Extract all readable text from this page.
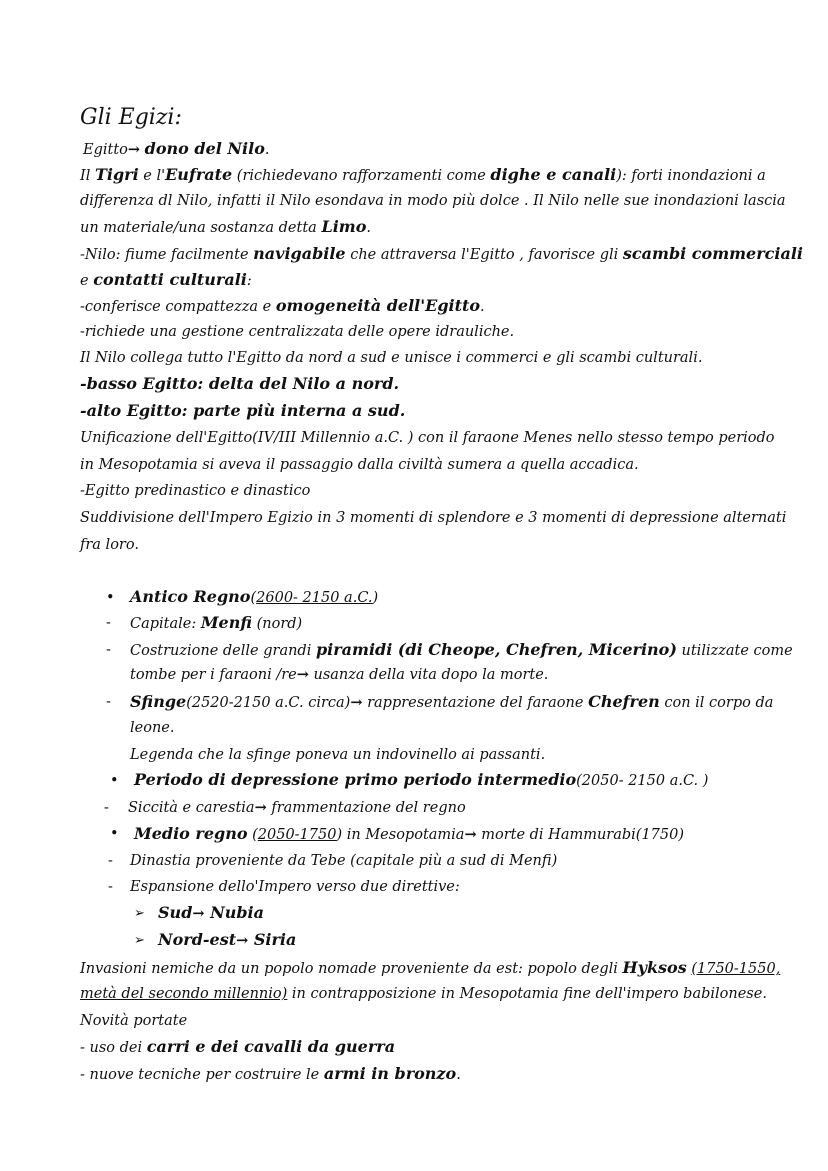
Gli Egizi:
Egitto→ dono del Nilo.
Il Tigri e l'Eufrate (richiedevano rafforzamenti come dighe e canali): forti inondazioni a
differenza dl Nilo, infatti il Nilo esondava in modo più dolce . Il Nilo nelle sue inondazioni lascia
un materiale/una sostanza detta Limo.
-Nilo: fiume facilmente navigabile che attraversa l'Egitto , favorisce gli scambi commerciali
e contatti culturali:
-conferisce compattezza e omogeneità dell'Egitto.
-richiede una gestione centralizzata delle opere idrauliche.
Il Nilo collega tutto l'Egitto da nord a sud e unisce i commerci e gli scambi culturali.
-basso Egitto: delta del Nilo a nord.
-alto Egitto: parte più interna a sud.
Unificazione dell'Egitto(IV/III Millennio a.C. ) con il faraone Menes nello stesso tempo periodo
in Mesopotamia si aveva il passaggio dalla civiltà sumera a quella accadica.
-Egitto predinastico e dinastico
Suddivisione dell'Impero Egizio in 3 momenti di splendore e 3 momenti di depressione alternati
fra loro.
• Antico Regno(2600- 2150 a.C.)
- Capitale: Menfi (nord)
- Costruzione delle grandi piramidi (di Cheope, Chefren, Micerino) utilizzate come
tombe per i faraoni /re→ usanza della vita dopo la morte.
- Sfinge(2520-2150 a.C. circa)→ rappresentazione del faraone Chefren con il corpo da
leone.
Legenda che la sfinge poneva un indovinello ai passanti.
• Periodo di depressione primo periodo intermedio(2050- 2150 a.C. )
- Siccità e carestia→ frammentazione del regno
• Medio regno (2050-1750) in Mesopotamia→ morte di Hammurabi(1750)
- Dinastia proveniente da Tebe (capitale più a sud di Menfi)
- Espansione dello'Impero verso due direttive:
➢ Sud→ Nubia
➢ Nord-est→ Siria
Invasioni nemiche da un popolo nomade proveniente da est: popolo degli Hyksos (1750-1550,
metà del secondo millennio) in contrapposizione in Mesopotamia fine dell'impero babilonese.
Novità portate
- uso dei carri e dei cavalli da guerra
- nuove tecniche per costruire le armi in bronzo.
